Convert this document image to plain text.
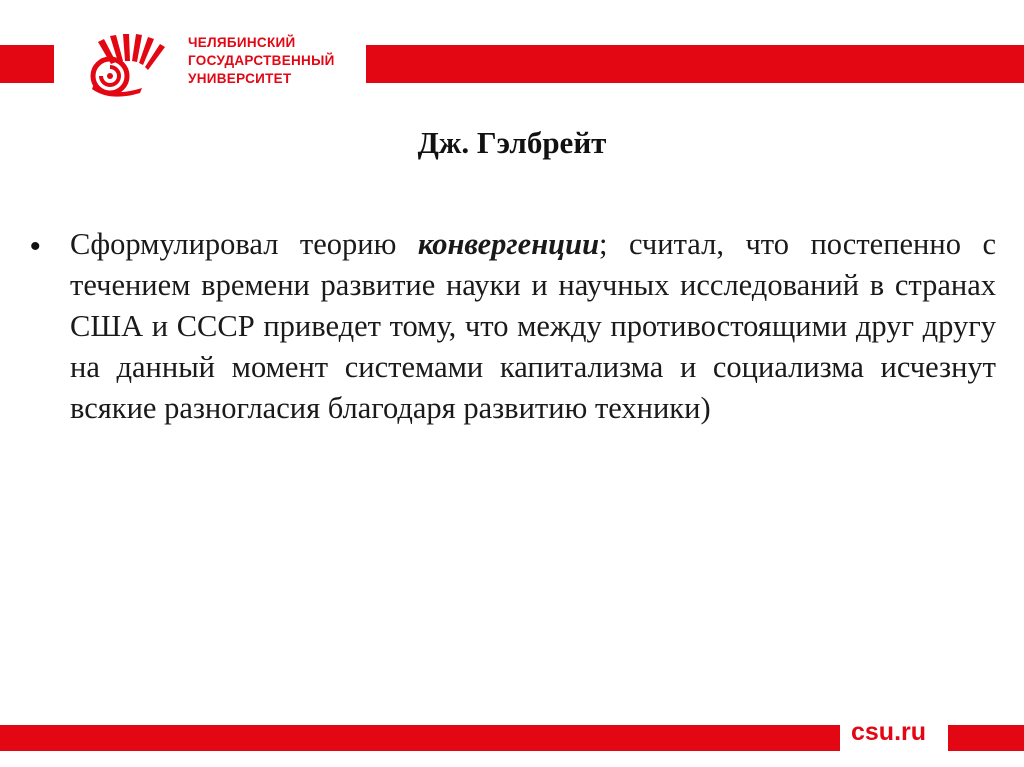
ЧЕЛЯБИНСКИЙ
ГОСУДАРСТВЕННЫЙ
УНИВЕРСИТЕТ
Дж. Гэлбрейт
• Сформулировал теорию конвергенции; считал, что постепенно с течением времени развитие науки и научных исследований в странах США и СССР приведет тому, что между противостоящими друг другу на данный момент системами капитализма и социализма исчезнут всякие разногласия благодаря развитию техники)
csu.ru
